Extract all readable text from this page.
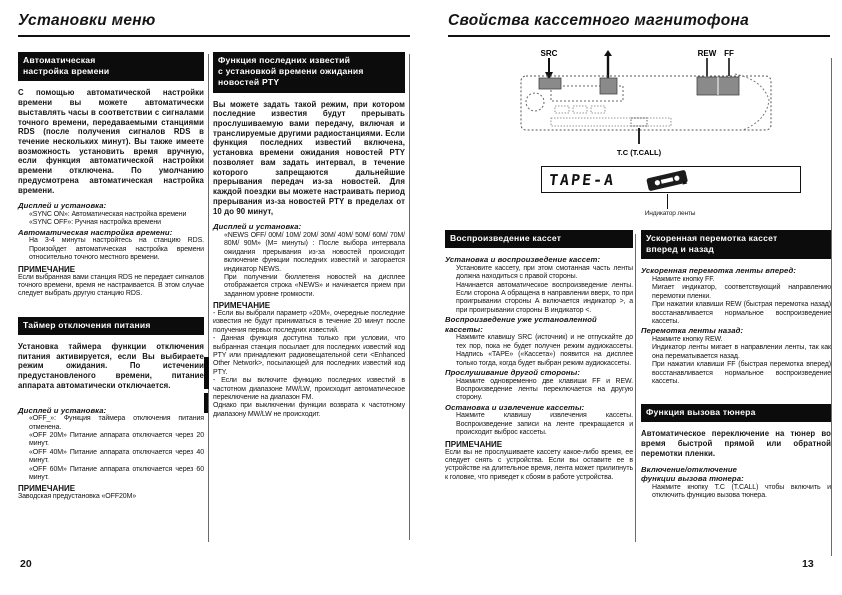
Установки меню
Автоматическая
настройка времени

С помощью автоматической настройки времени вы можете автоматически выставлять часы в соответствии с сигналами точного времени, передаваемыми станциями RDS (после получения сигналов RDS в течение нескольких минут). Вы также имеете возможность установить время вручную, если функция автоматической настройки времени отключена. По умолчанию предусмотрена автоматическая настройка времени.

Дисплей и установка:

«SYNC ON»: Автоматическая настройка времени

«SYNC OFF»: Ручная настройка времени

Автоматическая настройка времени:

На 3-4 минуты настройтесь на станцию RDS. Произойдет автоматическая настройка времени относительно точного местного времени.

ПРИМЕЧАНИЕ

Если выбранная вами станция RDS не передает сигналов точного времени, время не настраивается. В этом случае следует выбрать другую станцию RDS.

Таймер отключения питания

Установка таймера функции отключения питания активируется, если Вы выбираете режим ожидания. По истечении предустановленого времени, питание аппарата автоматически отключается.

Дисплей и установка:

«OFF_»: Функция таймера отключения питания отменена.

«OFF 20M» Питание аппарата отключается через 20 минут.

«OFF 40M» Питание аппарата отключается через 40 минут.

«OFF 60M» Питание аппарата отключается через 60 минут.

ПРИМЕЧАНИЕ

Заводская предустановка «OFF20M»

Функция последних известий
с установкой времени ожидания
новостей PTY

Вы можете задать такой режим, при котором последние известия будут прерывать прослушиваемую вами передачу, включая и транслируемые другими радиостанциями. Если функция последних известий включена, установка времени ожидания новостей PTY позволяет вам задать интервал, в течение которого запрещаются дальнейшие прерывания передач из-за новостей. Для каждой поездки вы можете настраивать период прерывания из-за новостей PTY в пределах от 10 до 90 минут,

Дисплей и установка:

«NEWS OFF/ 00M/ 10M/ 20M/ 30M/ 40M/ 50M/ 60M/ 70M/ 80M/ 90M» (M= минуты) : После выбора интервала ожидания прерывания из-за новостей происходит включение функции последних известий и загорается индикатор NEWS.

При получении бюллетеня новостей на дисплее отображается строка «NEWS» и начинается прием при заданном уровне громкости.

ПРИМЕЧАНИЕ

- Если вы выбрали параметр «20M», очередные последние известия не будут приниматься в течение 20 минут после получения первых последних известий.

- Данная функция доступна только при условии, что выбранная станция посылает для последних известий код PTY или принадлежит радиовещательной сети <Enhanced Other Network>, посылающей для последних известий код PTY.

- Если вы включите функцию последних известий в частотном диапазоне MW/LW, происходит автоматическое переключение на диапазон FM.

Однако при выключении функции возврата к частотному диапазону MW/LW не происходит.

20
Свойства кассетного магнитофона
SRC	REW FF
T.C (T.CALL)
TAPE-A
Индикатор ленты
Воспроизведение кассет

Установка и воспроизведение кассет:

Установите кассету, при этом смотанная часть ленты должна находиться с правой стороны.

Начинается автоматическое воспроизведение ленты. Если сторона A обращена в направлении вверх, то при проигрывании стороны A включается индикатор >, а при проигрывании стороны B индикатор <.

Воспроизведение уже установленной кассеты:

Нажмите клавишу SRC (источник) и не отпускайте до тех пор, пока не будет получен режим аудиокассеты. Надпись «TAPE» («Кассета») появится на дисплее только тогда, когда будет выбран режим аудиокассеты.

Прослушивание другой стороны:

Нажмите одновременно две клавиши FF и REW. Воспроизведение ленты переключается на другую сторону.

Остановка и извлечение кассеты:

Нажмите клавишу извлечения кассеты. Воспроизведение записи на ленте прекращается и происходит выброс кассеты.

ПРИМЕЧАНИЕ

Если вы не прослушиваете кассету какое-либо время, ее следует снять с устройства. Если вы оставите ее в устройстве на длительное время, лента может прилипнуть к головке, что приведет к сбоям в работе устройства.

Ускоренная перемотка кассет
вперед и назад

Ускоренная перемотка ленты вперед:

Нажмите кнопку FF.

Мигает индикатор, соответствующий направлению перемотки пленки.

При нажатии клавиши REW (быстрая перемотка назад) восстанавливается нормальное воспроизведение кассеты.

Перемотка ленты назад:

Нажмите кнопку REW.

Индикатор ленты мигает в направлении ленты, так как она перематывается назад.

При нажатии клавиши FF (быстрая перемотка вперед) восстанавливается нормальное воспроизведение кассеты.

Функция вызова тюнера

Автоматическое переключение на тюнер во время быстрой прямой или обратной перемотки пленки.

Включение/отключение

функции вызова тюнера:

Нажмите кнопку T.C (T.CALL) чтобы включить и отключить функцию вызова тюнера.

13
